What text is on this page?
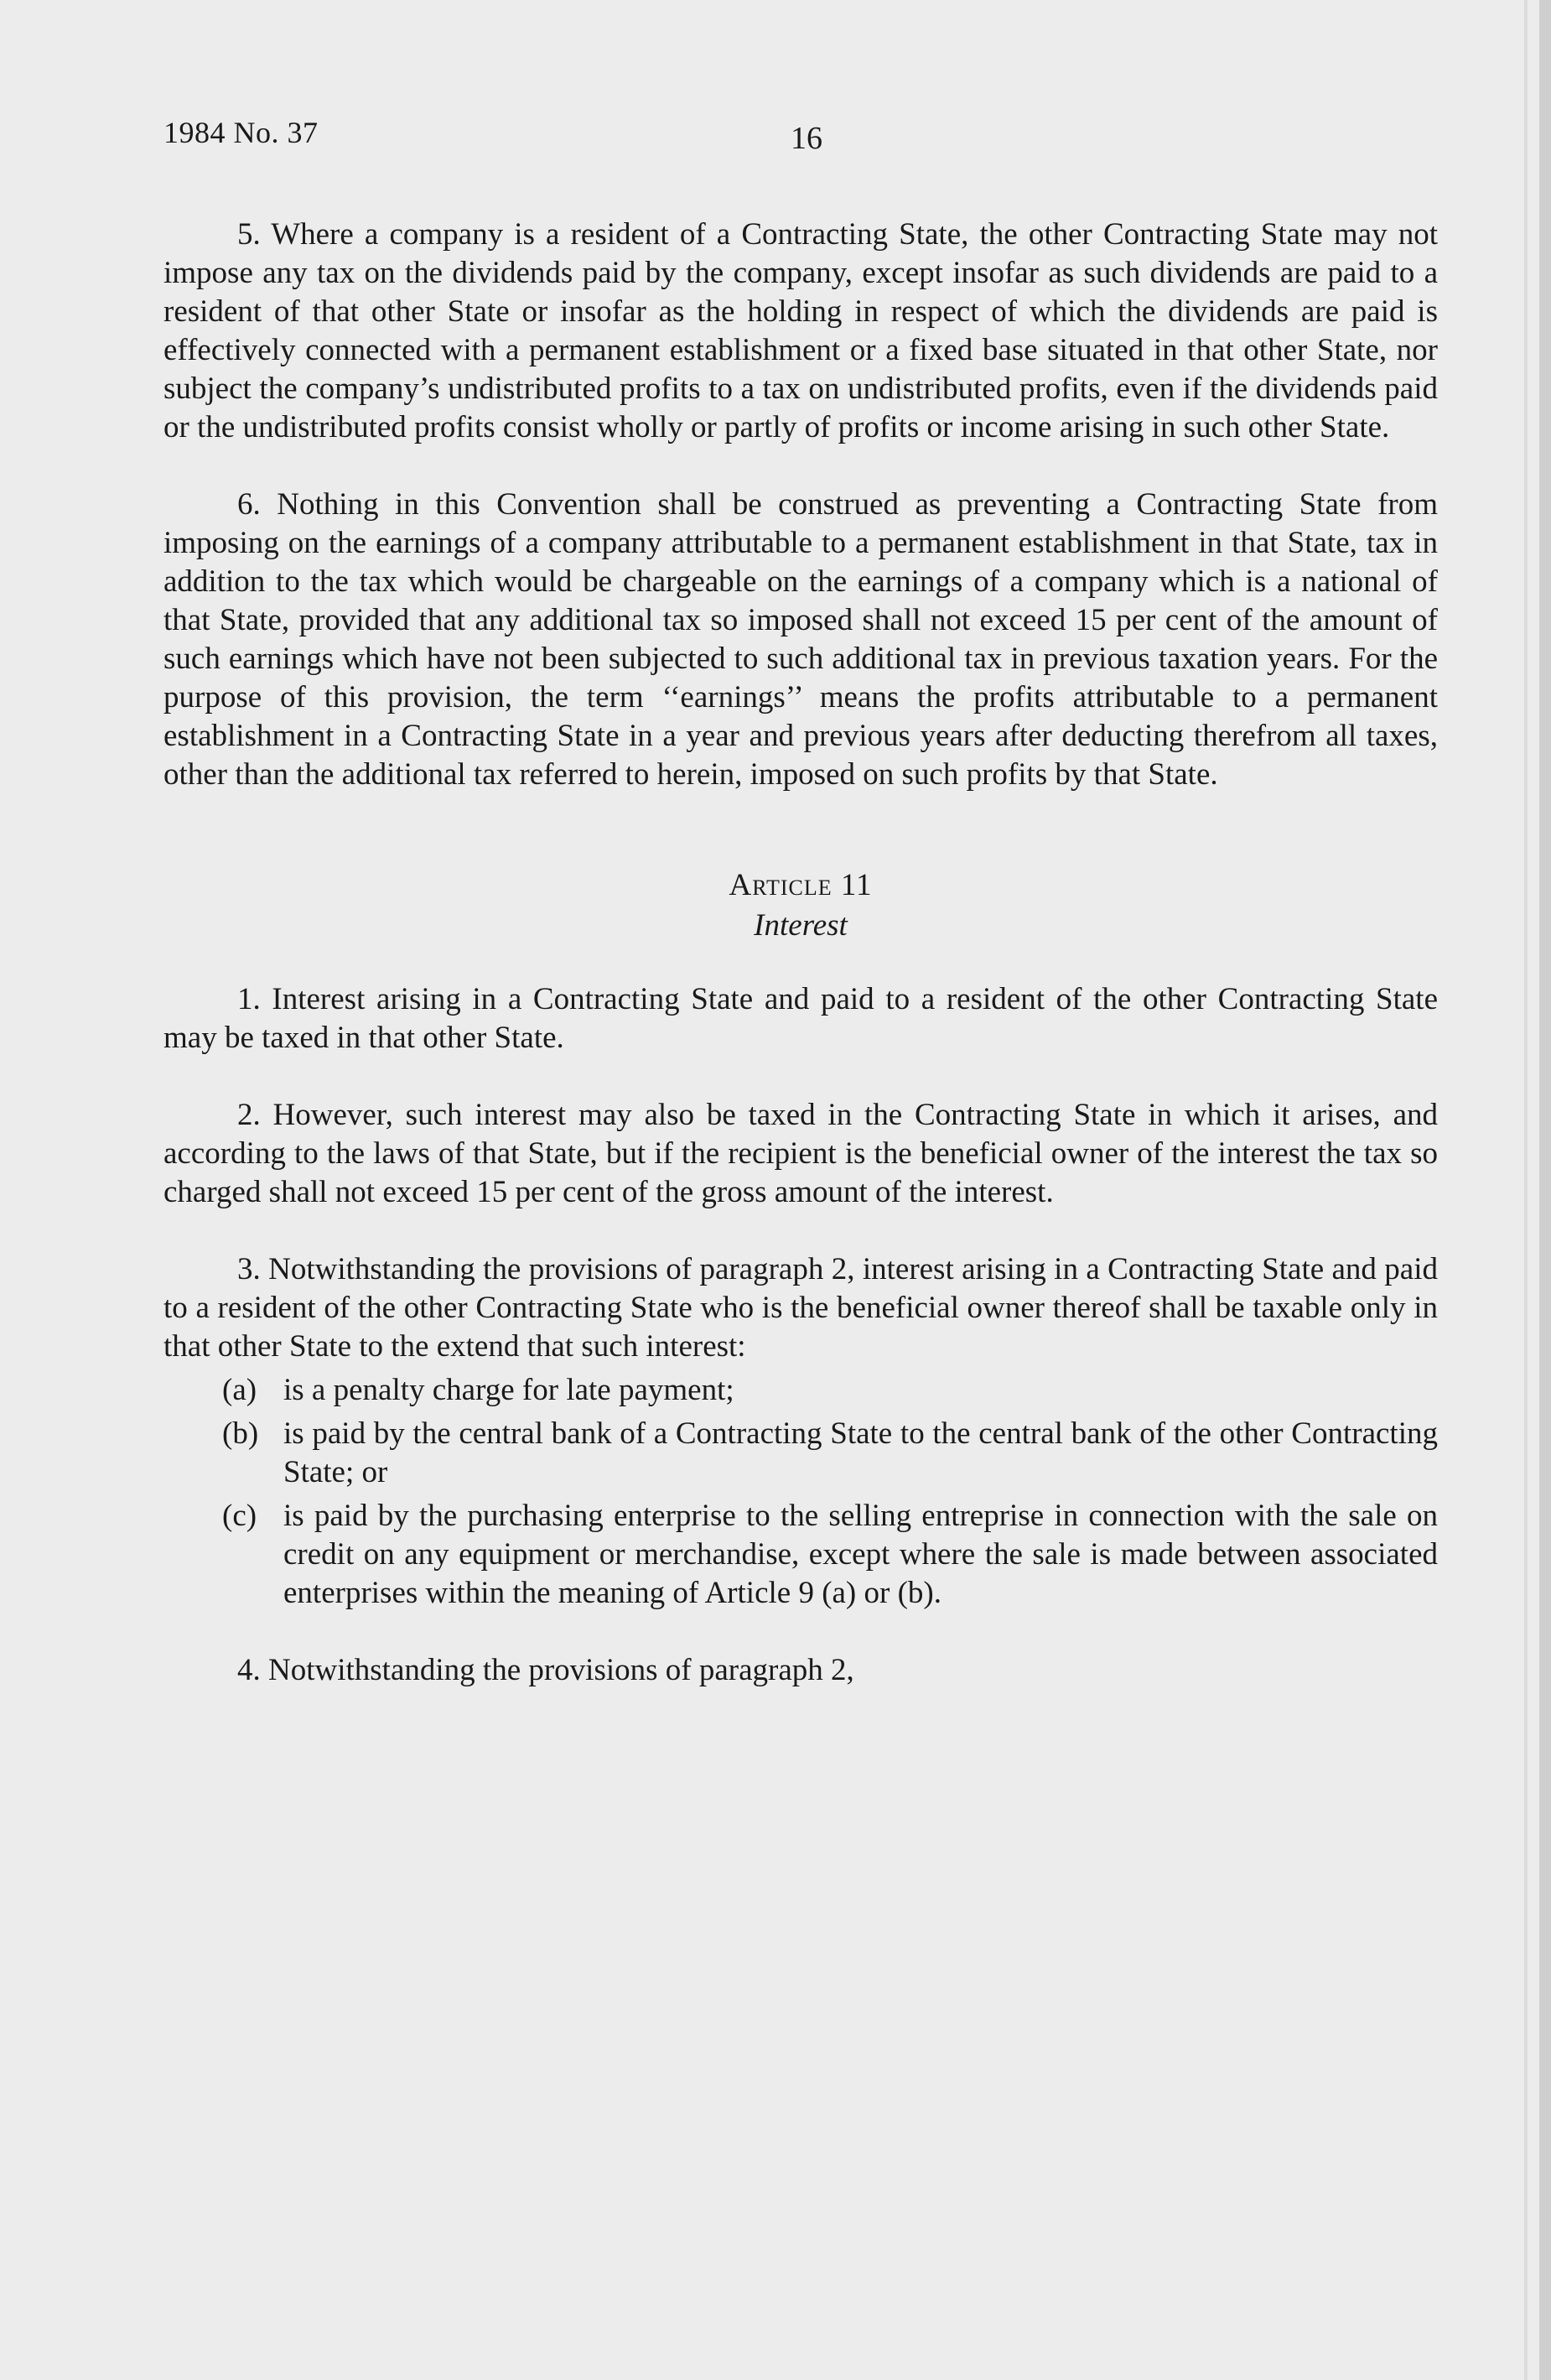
1984 No. 37	16

5. Where a company is a resident of a Contracting State, the other Contracting State may not impose any tax on the dividends paid by the company, except insofar as such dividends are paid to a resident of that other State or insofar as the holding in respect of which the dividends are paid is effectively connected with a permanent establishment or a fixed base situated in that other State, nor subject the company’s undistributed profits to a tax on undistributed profits, even if the dividends paid or the undistributed profits consist wholly or partly of profits or income arising in such other State.

6. Nothing in this Convention shall be construed as preventing a Contracting State from imposing on the earnings of a company attributable to a permanent establishment in that State, tax in addition to the tax which would be chargeable on the earnings of a company which is a national of that State, provided that any additional tax so imposed shall not exceed 15 per cent of the amount of such earnings which have not been subjected to such additional tax in previous taxation years. For the purpose of this provision, the term ‘‘earnings’’ means the profits attributable to a permanent establishment in a Contracting State in a year and previous years after deducting therefrom all taxes, other than the additional tax referred to herein, imposed on such profits by that State.

Article 11
Interest

1. Interest arising in a Contracting State and paid to a resident of the other Contracting State may be taxed in that other State.

2. However, such interest may also be taxed in the Contracting State in which it arises, and according to the laws of that State, but if the recipient is the beneficial owner of the interest the tax so charged shall not exceed 15 per cent of the gross amount of the interest.

3. Notwithstanding the provisions of paragraph 2, interest arising in a Contracting State and paid to a resident of the other Contracting State who is the beneficial owner thereof shall be taxable only in that other State to the extend that such interest:

(a) is a penalty charge for late payment;
(b) is paid by the central bank of a Contracting State to the central bank of the other Contracting State; or
(c) is paid by the purchasing enterprise to the selling entreprise in connection with the sale on credit on any equipment or merchandise, except where the sale is made between associated enterprises within the meaning of Article 9 (a) or (b).

4. Notwithstanding the provisions of paragraph 2,
